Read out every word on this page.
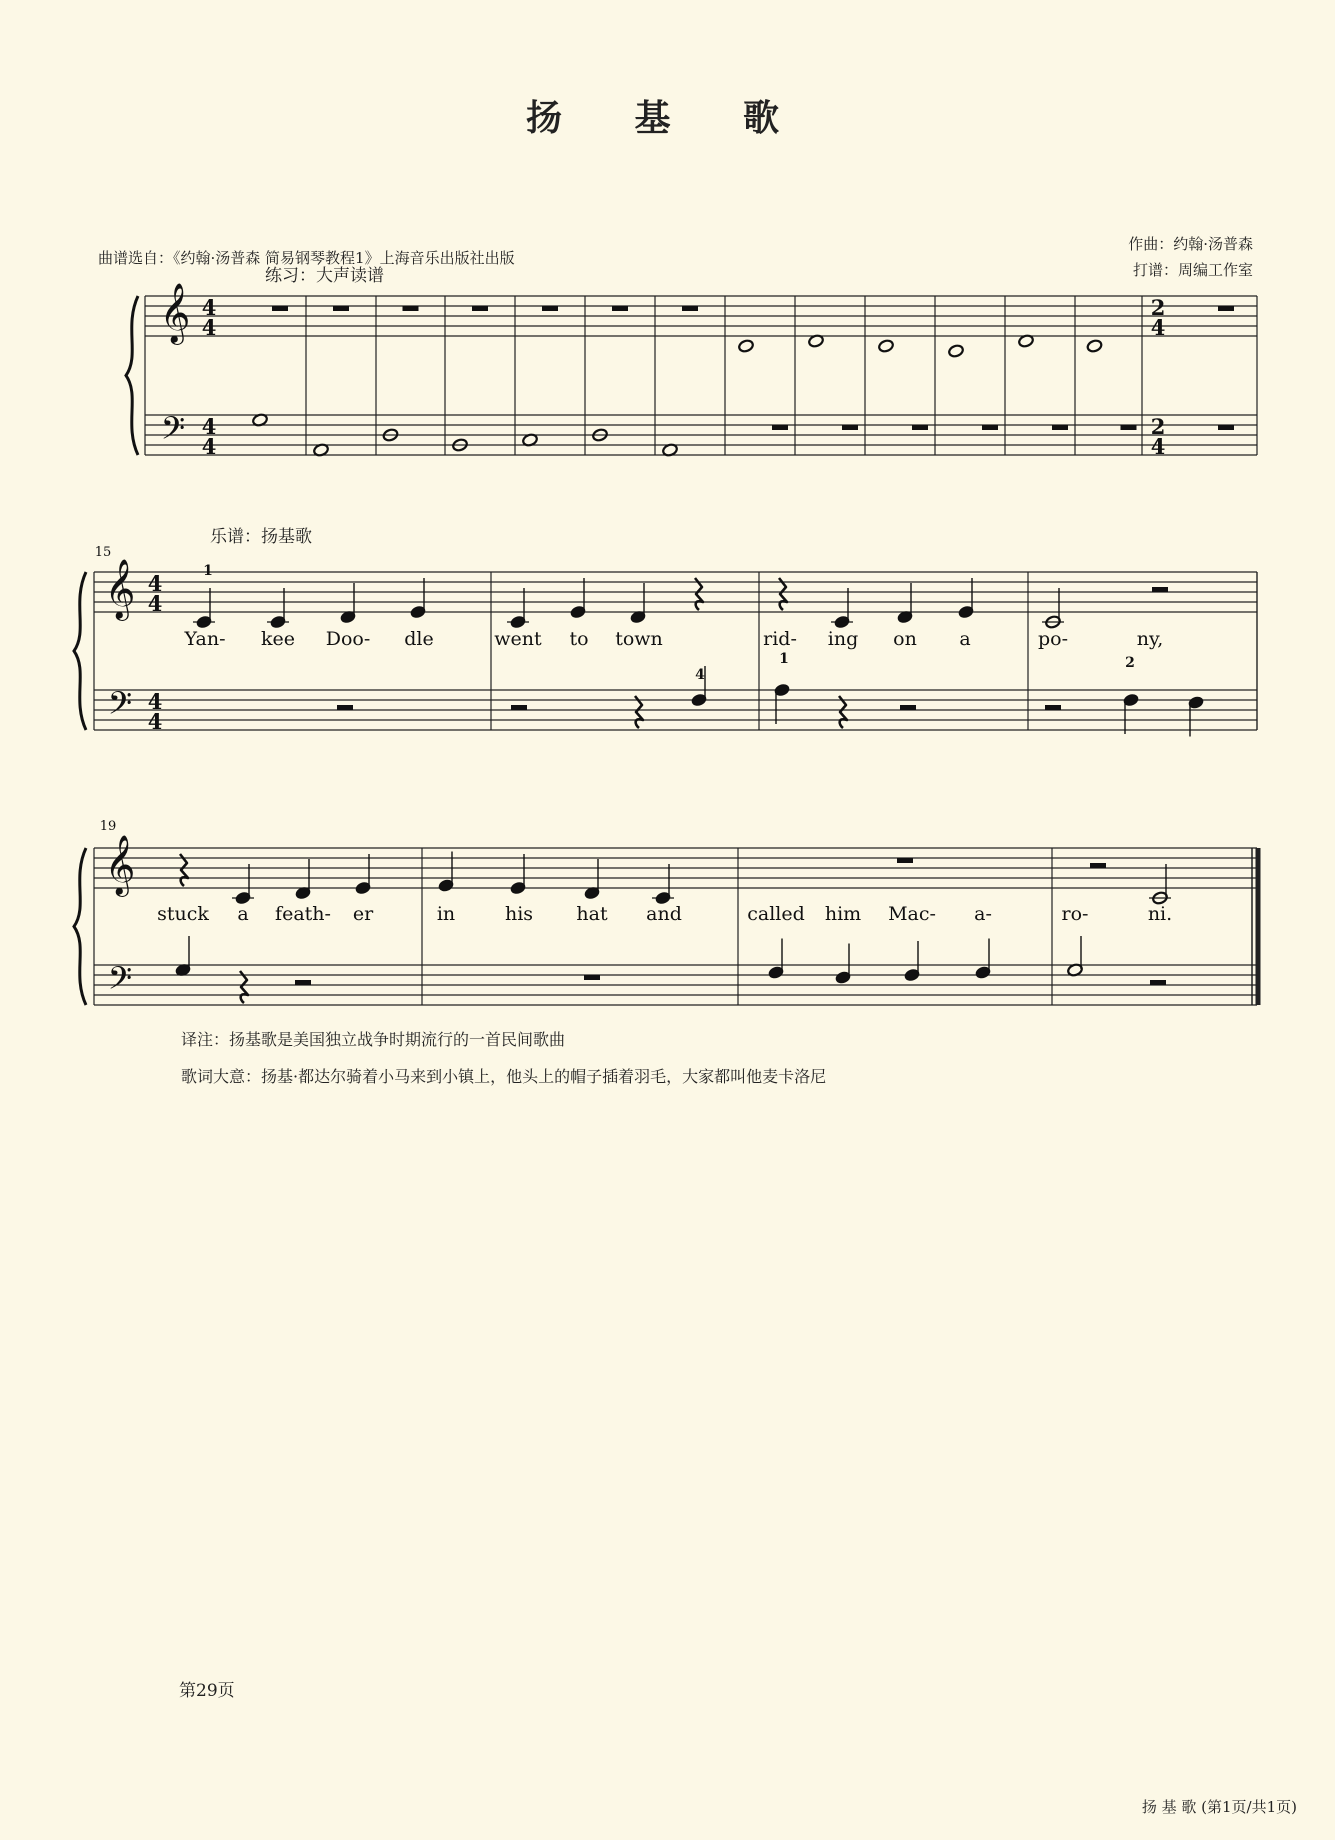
扬 基 歌
曲谱选自：《约翰·汤普森 简易钢琴教程1》上海音乐出版社出版
作曲：约翰·汤普森
打谱：周编工作室
练习：大声读谱
乐谱：扬基歌
𝄞
𝄢
4
4
4
4
2
4
2
4
𝄞
𝄢
4
4
4
4
15
1
4
1	2
Yan- kee Doo- dle	went to town	rid- ing on a	po-	ny,
𝄞
𝄢
19
stuck a feath- er	in	his hat and	called him Mac- a-	ro-	ni.
译注：扬基歌是美国独立战争时期流行的一首民间歌曲
歌词大意：扬基·都达尔骑着小马来到小镇上，他头上的帽子插着羽毛，大家都叫他麦卡洛尼
第29页
扬 基 歌 (第1页/共1页)
